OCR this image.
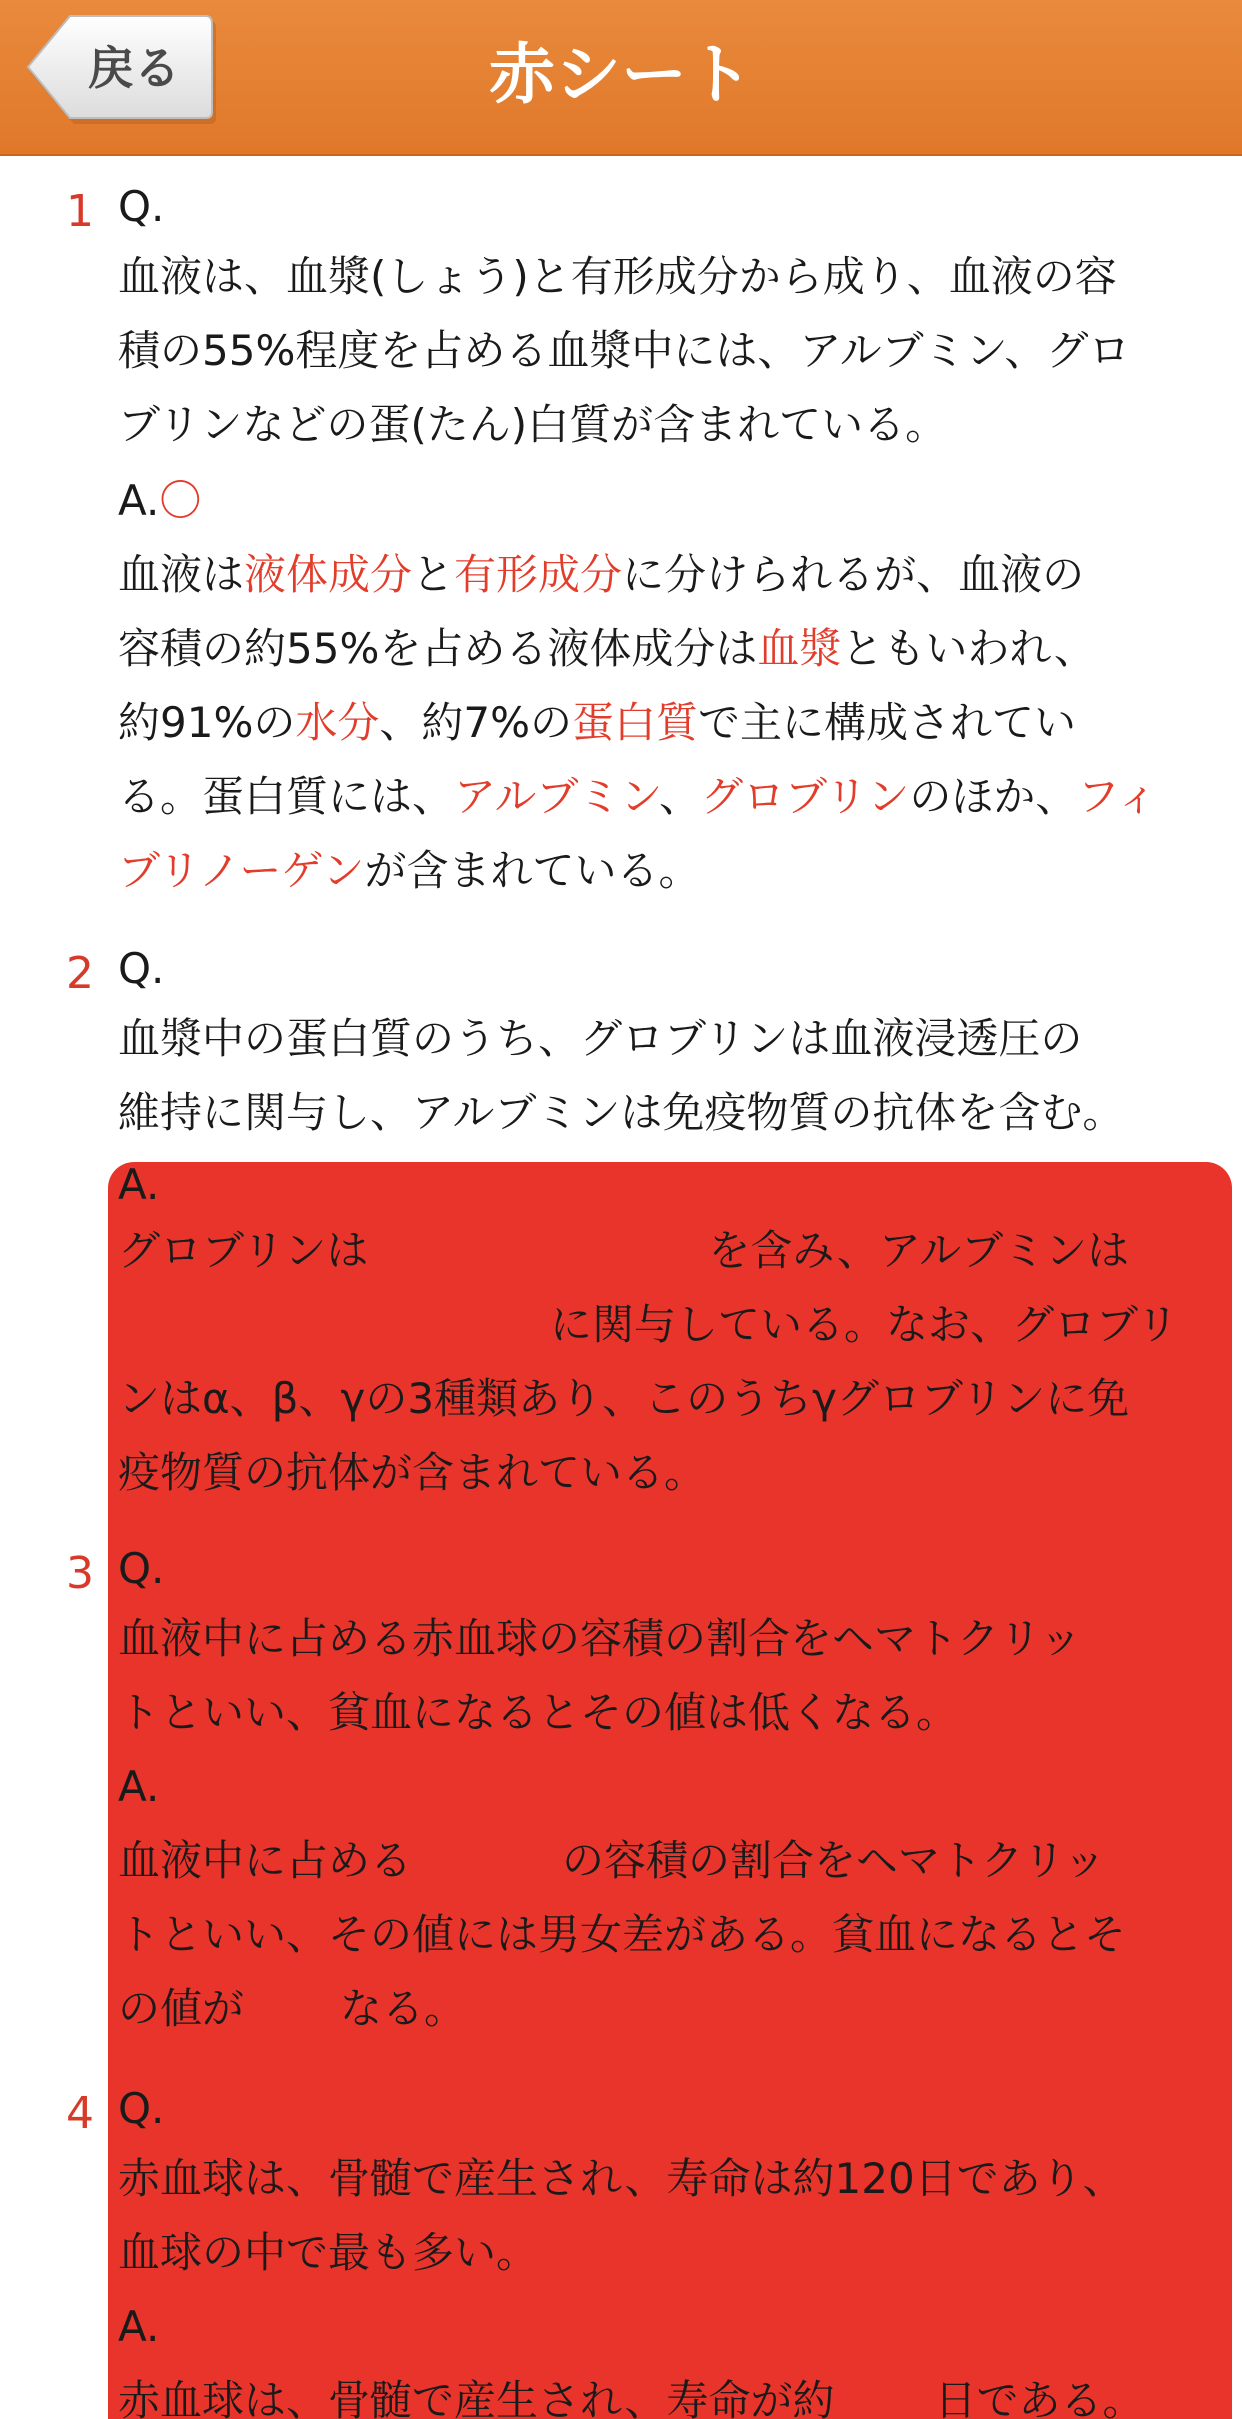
戻る	赤シート
1 Q.
血液は、血漿(しょう)と有形成分から成り、血液の容
積の55%程度を占める血漿中には、アルブミン、グロ
ブリンなどの蛋(たん)白質が含まれている。
A.〇
血液は液体成分と有形成分に分けられるが、血液の
容積の約55%を占める液体成分は血漿ともいわれ、
約91%の水分、約7%の蛋白質で主に構成されてい
る。蛋白質には、アルブミン、グロブリンのほか、フィ
ブリノーゲンが含まれている。
2 Q.
血漿中の蛋白質のうち、グロブリンは血液浸透圧の
維持に関与し、アルブミンは免疫物質の抗体を含む。
A.
グロブリンは	を含み、アルブミンは
に関与している。なお、グロブリ
ンはα、β、γの3種類あり、このうちγグロブリンに免
疫物質の抗体が含まれている。
3 Q.
血液中に占める赤血球の容積の割合をヘマトクリッ
トといい、貧血になるとその値は低くなる。
A.
血液中に占める	の容積の割合をヘマトクリッ
トといい、その値には男女差がある。貧血になるとそ
の値が なる。
4 Q.
赤血球は、骨髄で産生され、寿命は約120日であり、
血球の中で最も多い。
A.
赤血球は、骨髄で産生され、寿命が約 日である。
